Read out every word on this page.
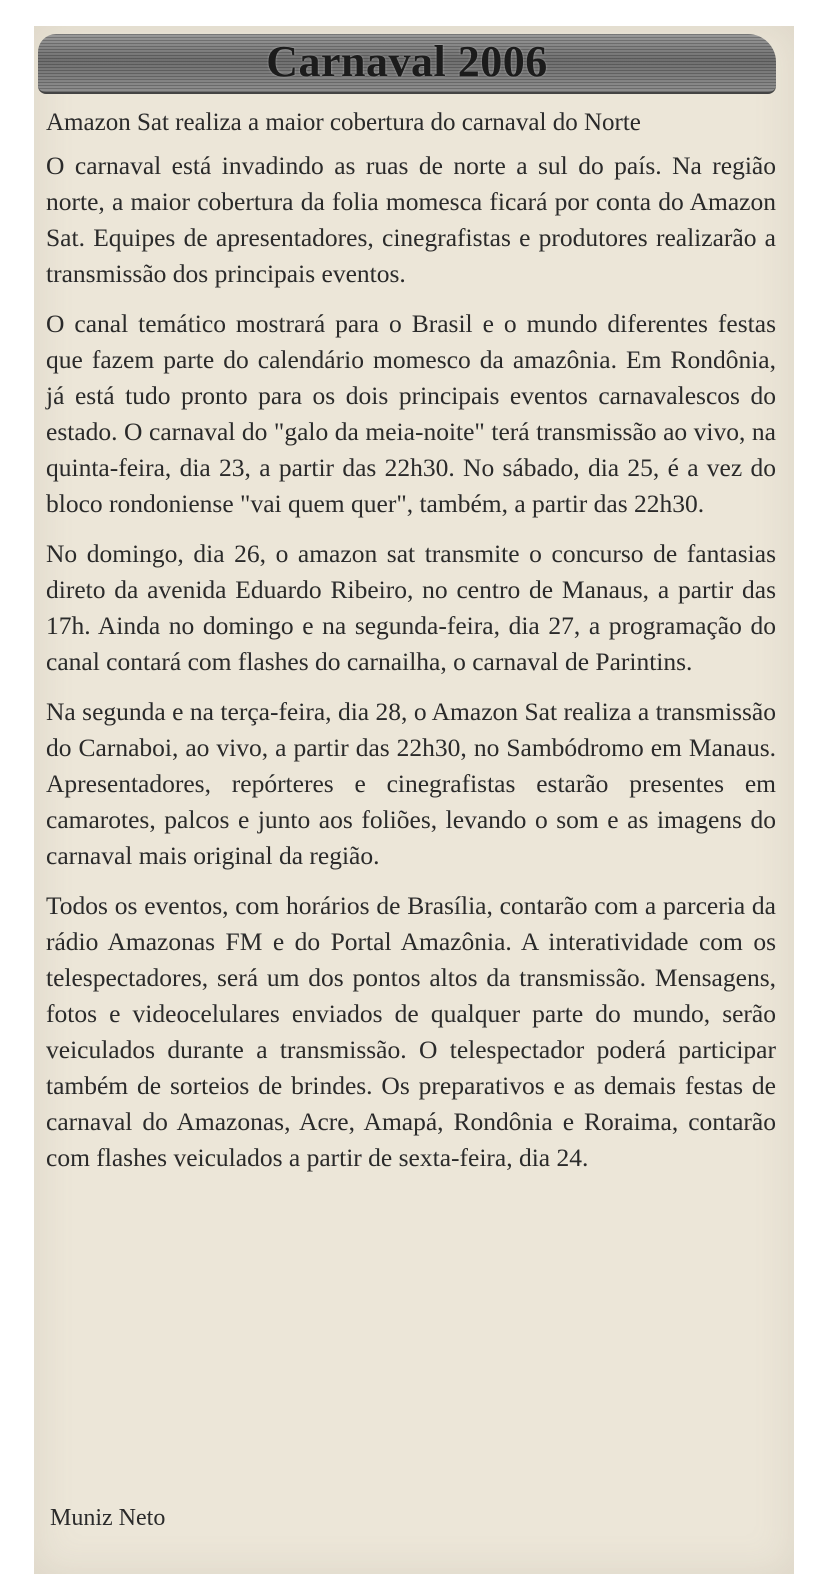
Carnaval 2006
Amazon Sat realiza a maior cobertura do carnaval do Norte

O carnaval está invadindo as ruas de norte a sul do país. Na região norte, a maior cobertura da folia momesca ficará por conta do Amazon Sat. Equipes de apresentadores, cinegrafistas e produtores realizarão a transmissão dos principais eventos.

O canal temático mostrará para o Brasil e o mundo diferentes festas que fazem parte do calendário momesco da amazônia. Em Rondônia, já está tudo pronto para os dois principais eventos carnavalescos do estado. O carnaval do "galo da meia-noite" terá transmissão ao vivo, na quinta-feira, dia 23, a partir das 22h30. No sábado, dia 25, é a vez do bloco rondoniense "vai quem quer", também, a partir das 22h30.

No domingo, dia 26, o amazon sat transmite o concurso de fantasias direto da avenida Eduardo Ribeiro, no centro de Manaus, a partir das 17h. Ainda no domingo e na segunda-feira, dia 27, a programação do canal contará com flashes do carnailha, o carnaval de Parintins.

Na segunda e na terça-feira, dia 28, o Amazon Sat realiza a transmissão do Carnaboi, ao vivo, a partir das 22h30, no Sambódromo em Manaus. Apresentadores, repórteres e cinegrafistas estarão presentes em camarotes, palcos e junto aos foliões, levando o som e as imagens do carnaval mais original da região.

Todos os eventos, com horários de Brasília, contarão com a parceria da rádio Amazonas FM e do Portal Amazônia. A interatividade com os telespectadores, será um dos pontos altos da transmissão. Mensagens, fotos e videocelulares enviados de qualquer parte do mundo, serão veiculados durante a transmissão. O telespectador poderá participar também de sorteios de brindes. Os preparativos e as demais festas de carnaval do Amazonas, Acre, Amapá, Rondônia e Roraima, contarão com flashes veiculados a partir de sexta-feira, dia 24.

Muniz Neto
